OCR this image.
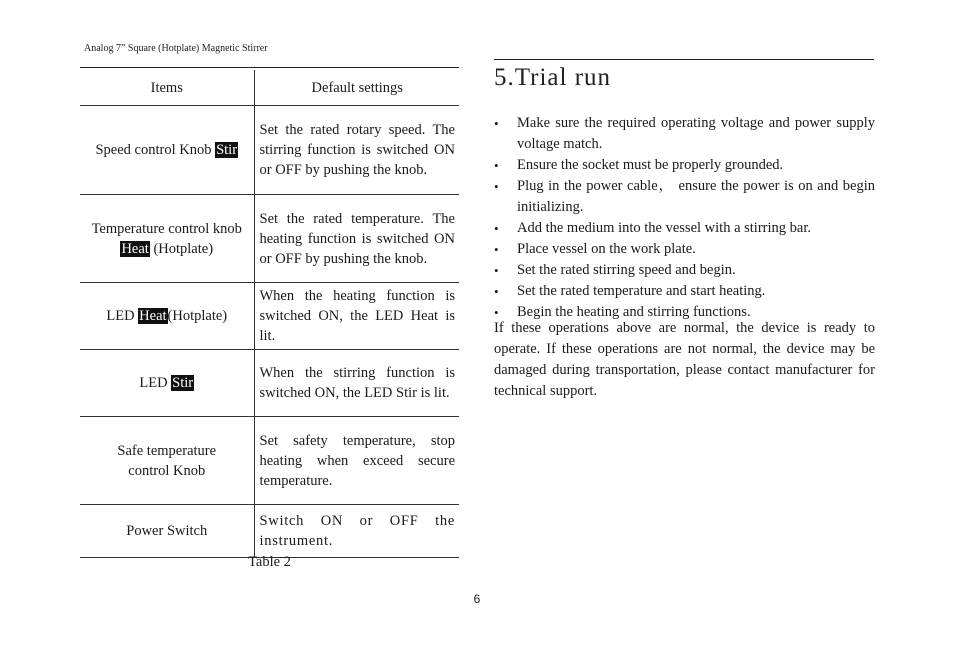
Analog 7” Square (Hotplate) Magnetic Stirrer
Items	Default settings
Speed control Knob Stir	Set the rated rotary speed. The stirring function is switched ON or OFF by pushing the knob.
Temperature control knob Heat (Hotplate)	Set the rated temperature. The heating function is switched ON or OFF by pushing the knob.
LED Heat(Hotplate)	When the heating function is switched ON, the LED Heat is lit.
LED Stir	When the stirring function is switched ON, the LED Stir is lit.
Safe temperature control Knob	Set safety temperature, stop heating when exceed secure temperature.
Power Switch	Switch ON or OFF the instrument.
Table 2
5.Trial run
• Make sure the required operating voltage and power supply voltage match.
• Ensure the socket must be properly grounded.
• Plug in the power cable， ensure the power is on and begin initializing.
• Add the medium into the vessel with a stirring bar.
• Place vessel on the work plate.
• Set the rated stirring speed and begin.
• Set the rated temperature and start heating.
• Begin the heating and stirring functions.
If these operations above are normal, the device is ready to operate. If these operations are not normal, the device may be damaged during transportation, please contact manufacturer for technical support.
6
